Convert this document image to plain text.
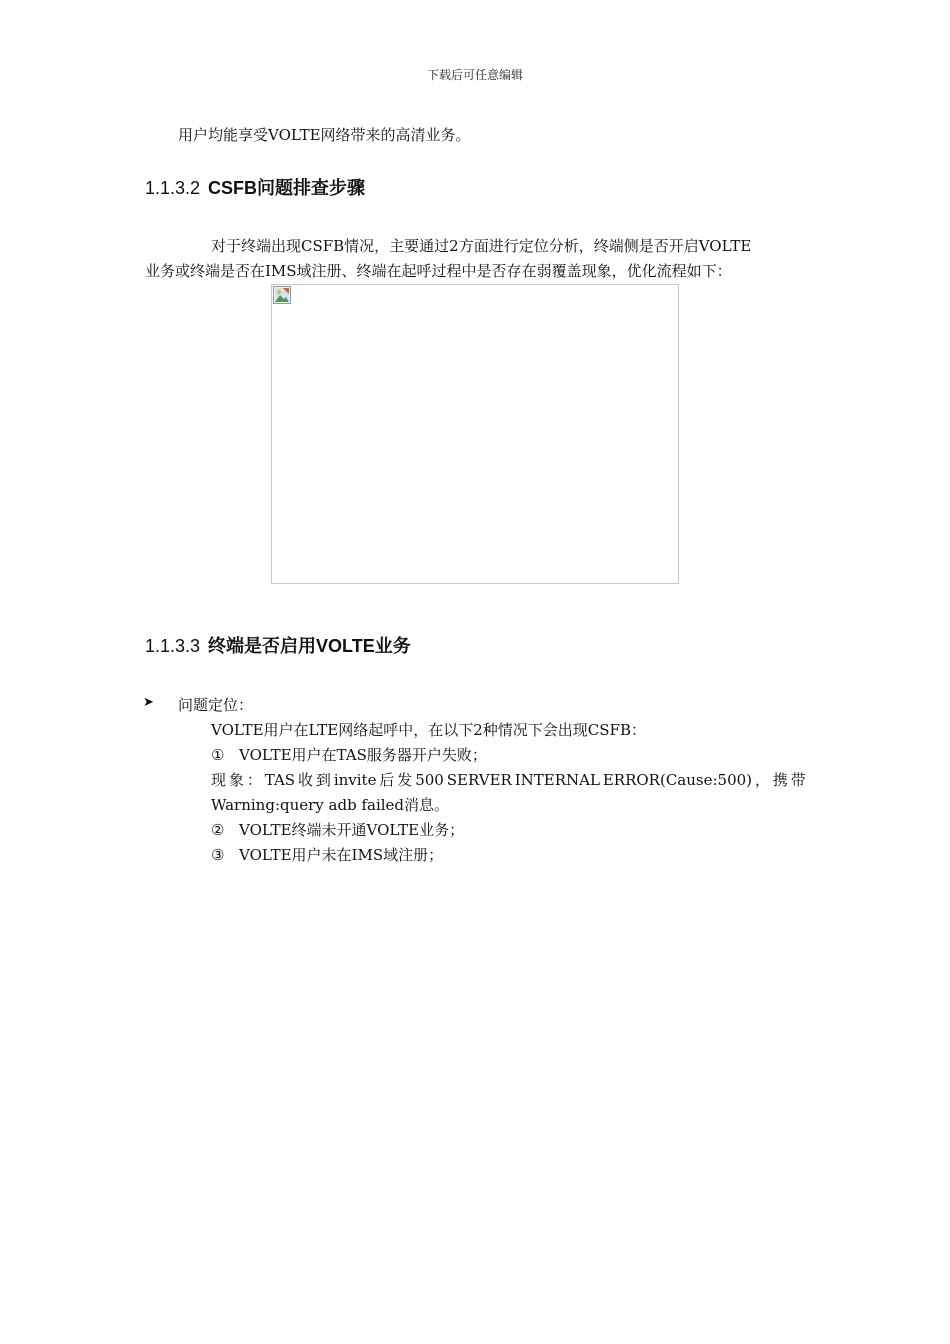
下载后可任意编辑
用户均能享受VOLTE网络带来的高清业务。
1.1.3.2 CSFB问题排查步骤
对于终端出现CSFB情况，主要通过2方面进行定位分析，终端侧是否开启VOLTE
业务或终端是否在IMS域注册、终端在起呼过程中是否存在弱覆盖现象，优化流程如下：
1.1.3.3 终端是否启用VOLTE业务
➤ 问题定位：
VOLTE用户在LTE网络起呼中，在以下2种情况下会出现CSFB：
① VOLTE用户在TAS服务器开户失败；
现 象 ： TAS 收 到 invite 后 发 500 SERVER INTERNAL ERROR(Cause:500) ， 携 带
Warning:query adb failed消息。
② VOLTE终端未开通VOLTE业务；
③ VOLTE用户未在IMS域注册；
